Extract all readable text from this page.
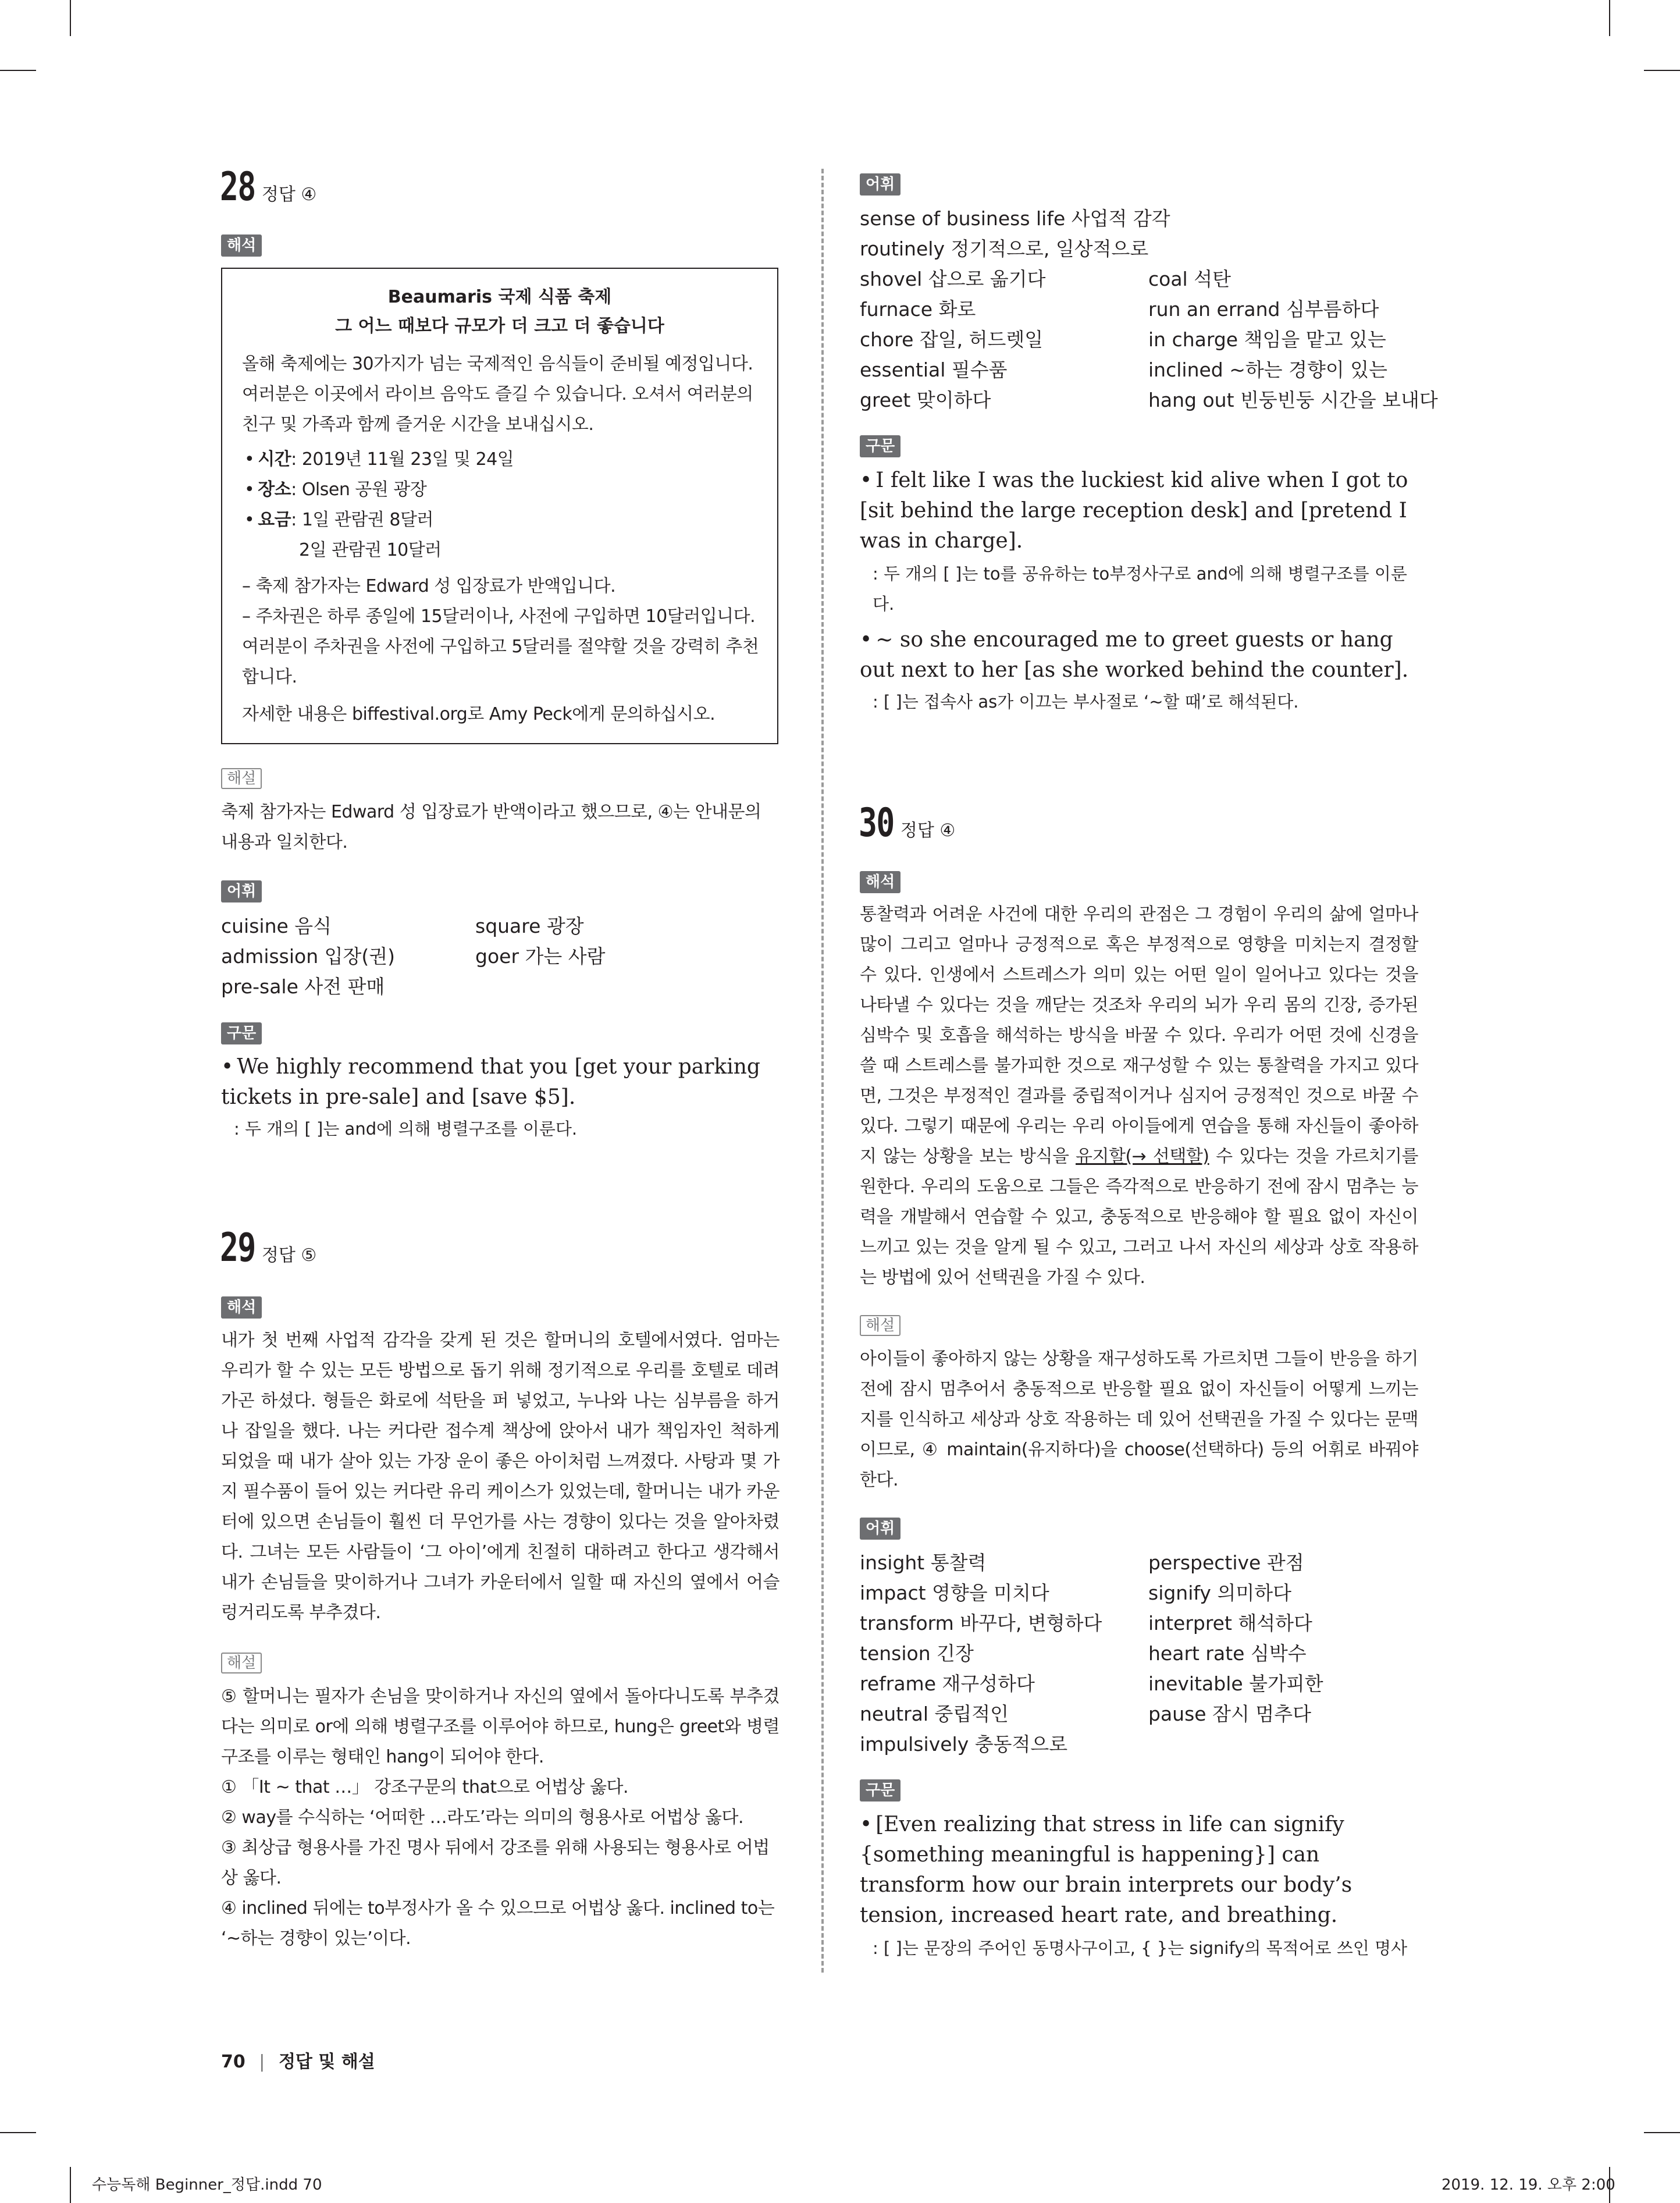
28 정답 ④
해석
Beaumaris 국제 식품 축제
그 어느 때보다 규모가 더 크고 더 좋습니다
올해 축제에는 30가지가 넘는 국제적인 음식들이 준비될 예정입니다. 여러분은 이곳에서 라이브 음악도 즐길 수 있습니다. 오셔서 여러분의 친구 및 가족과 함께 즐거운 시간을 보내십시오.
• 시간: 2019년 11월 23일 및 24일
• 장소: Olsen 공원 광장
• 요금: 1일 관람권 8달러
2일 관람권 10달러
– 축제 참가자는 Edward 성 입장료가 반액입니다.
– 주차권은 하루 종일에 15달러이나, 사전에 구입하면 10달러입니다. 여러분이 주차권을 사전에 구입하고 5달러를 절약할 것을 강력히 추천합니다.
자세한 내용은 biffestival.org로 Amy Peck에게 문의하십시오.
해설
축제 참가자는 Edward 성 입장료가 반액이라고 했으므로, ④는 안내문의 내용과 일치한다.
어휘
cuisine 음식	square 광장
admission 입장(권)	goer 가는 사람
pre-sale 사전 판매
구문
• We highly recommend that you [get your parking tickets in pre-sale] and [save $5].
: 두 개의 [ ]는 and에 의해 병렬구조를 이룬다.
29 정답 ⑤
해석
내가 첫 번째 사업적 감각을 갖게 된 것은 할머니의 호텔에서였다. 엄마는 우리가 할 수 있는 모든 방법으로 돕기 위해 정기적으로 우리를 호텔로 데려가곤 하셨다. 형들은 화로에 석탄을 퍼 넣었고, 누나와 나는 심부름을 하거나 잡일을 했다. 나는 커다란 접수계 책상에 앉아서 내가 책임자인 척하게 되었을 때 내가 살아 있는 가장 운이 좋은 아이처럼 느껴졌다. 사탕과 몇 가지 필수품이 들어 있는 커다란 유리 케이스가 있었는데, 할머니는 내가 카운터에 있으면 손님들이 훨씬 더 무언가를 사는 경향이 있다는 것을 알아차렸다. 그녀는 모든 사람들이 ‘그 아이’에게 친절히 대하려고 한다고 생각해서 내가 손님들을 맞이하거나 그녀가 카운터에서 일할 때 자신의 옆에서 어슬렁거리도록 부추겼다.
해설
⑤ 할머니는 필자가 손님을 맞이하거나 자신의 옆에서 돌아다니도록 부추겼다는 의미로 or에 의해 병렬구조를 이루어야 하므로, hung은 greet와 병렬구조를 이루는 형태인 hang이 되어야 한다.
① 「It ~ that …」 강조구문의 that으로 어법상 옳다.
② way를 수식하는 ‘어떠한 …라도’라는 의미의 형용사로 어법상 옳다.
③ 최상급 형용사를 가진 명사 뒤에서 강조를 위해 사용되는 형용사로 어법상 옳다.
④ inclined 뒤에는 to부정사가 올 수 있으므로 어법상 옳다. inclined to는 ‘~하는 경향이 있는’이다.
어휘
sense of business life 사업적 감각
routinely 정기적으로, 일상적으로
shovel 삽으로 옮기다	coal 석탄
furnace 화로	run an errand 심부름하다
chore 잡일, 허드렛일	in charge 책임을 맡고 있는
essential 필수품	inclined ~하는 경향이 있는
greet 맞이하다	hang out 빈둥빈둥 시간을 보내다
구문
• I felt like I was the luckiest kid alive when I got to [sit behind the large reception desk] and [pretend I was in charge].
: 두 개의 [ ]는 to를 공유하는 to부정사구로 and에 의해 병렬구조를 이룬다.
• ~ so she encouraged me to greet guests or hang out next to her [as she worked behind the counter].
: [ ]는 접속사 as가 이끄는 부사절로 ‘~할 때’로 해석된다.
30 정답 ④
해석
통찰력과 어려운 사건에 대한 우리의 관점은 그 경험이 우리의 삶에 얼마나 많이 그리고 얼마나 긍정적으로 혹은 부정적으로 영향을 미치는지 결정할 수 있다. 인생에서 스트레스가 의미 있는 어떤 일이 일어나고 있다는 것을 나타낼 수 있다는 것을 깨닫는 것조차 우리의 뇌가 우리 몸의 긴장, 증가된 심박수 및 호흡을 해석하는 방식을 바꿀 수 있다. 우리가 어떤 것에 신경을 쓸 때 스트레스를 불가피한 것으로 재구성할 수 있는 통찰력을 가지고 있다면, 그것은 부정적인 결과를 중립적이거나 심지어 긍정적인 것으로 바꿀 수 있다. 그렇기 때문에 우리는 우리 아이들에게 연습을 통해 자신들이 좋아하지 않는 상황을 보는 방식을 유지할(→ 선택할) 수 있다는 것을 가르치기를 원한다. 우리의 도움으로 그들은 즉각적으로 반응하기 전에 잠시 멈추는 능력을 개발해서 연습할 수 있고, 충동적으로 반응해야 할 필요 없이 자신이 느끼고 있는 것을 알게 될 수 있고, 그러고 나서 자신의 세상과 상호 작용하는 방법에 있어 선택권을 가질 수 있다.
해설
아이들이 좋아하지 않는 상황을 재구성하도록 가르치면 그들이 반응을 하기 전에 잠시 멈추어서 충동적으로 반응할 필요 없이 자신들이 어떻게 느끼는지를 인식하고 세상과 상호 작용하는 데 있어 선택권을 가질 수 있다는 문맥이므로, ④ maintain(유지하다)을 choose(선택하다) 등의 어휘로 바꿔야 한다.
어휘
insight 통찰력	perspective 관점
impact 영향을 미치다	signify 의미하다
transform 바꾸다, 변형하다	interpret 해석하다
tension 긴장	heart rate 심박수
reframe 재구성하다	inevitable 불가피한
neutral 중립적인	pause 잠시 멈추다
impulsively 충동적으로
구문
• [Even realizing that stress in life can signify {something meaningful is happening}] can transform how our brain interprets our body’s tension, increased heart rate, and breathing.
: [ ]는 문장의 주어인 동명사구이고, { }는 signify의 목적어로 쓰인 명사
70 | 정답 및 해설
수능독해 Beginner_정답.indd 70	2019. 12. 19. 오후 2:00
